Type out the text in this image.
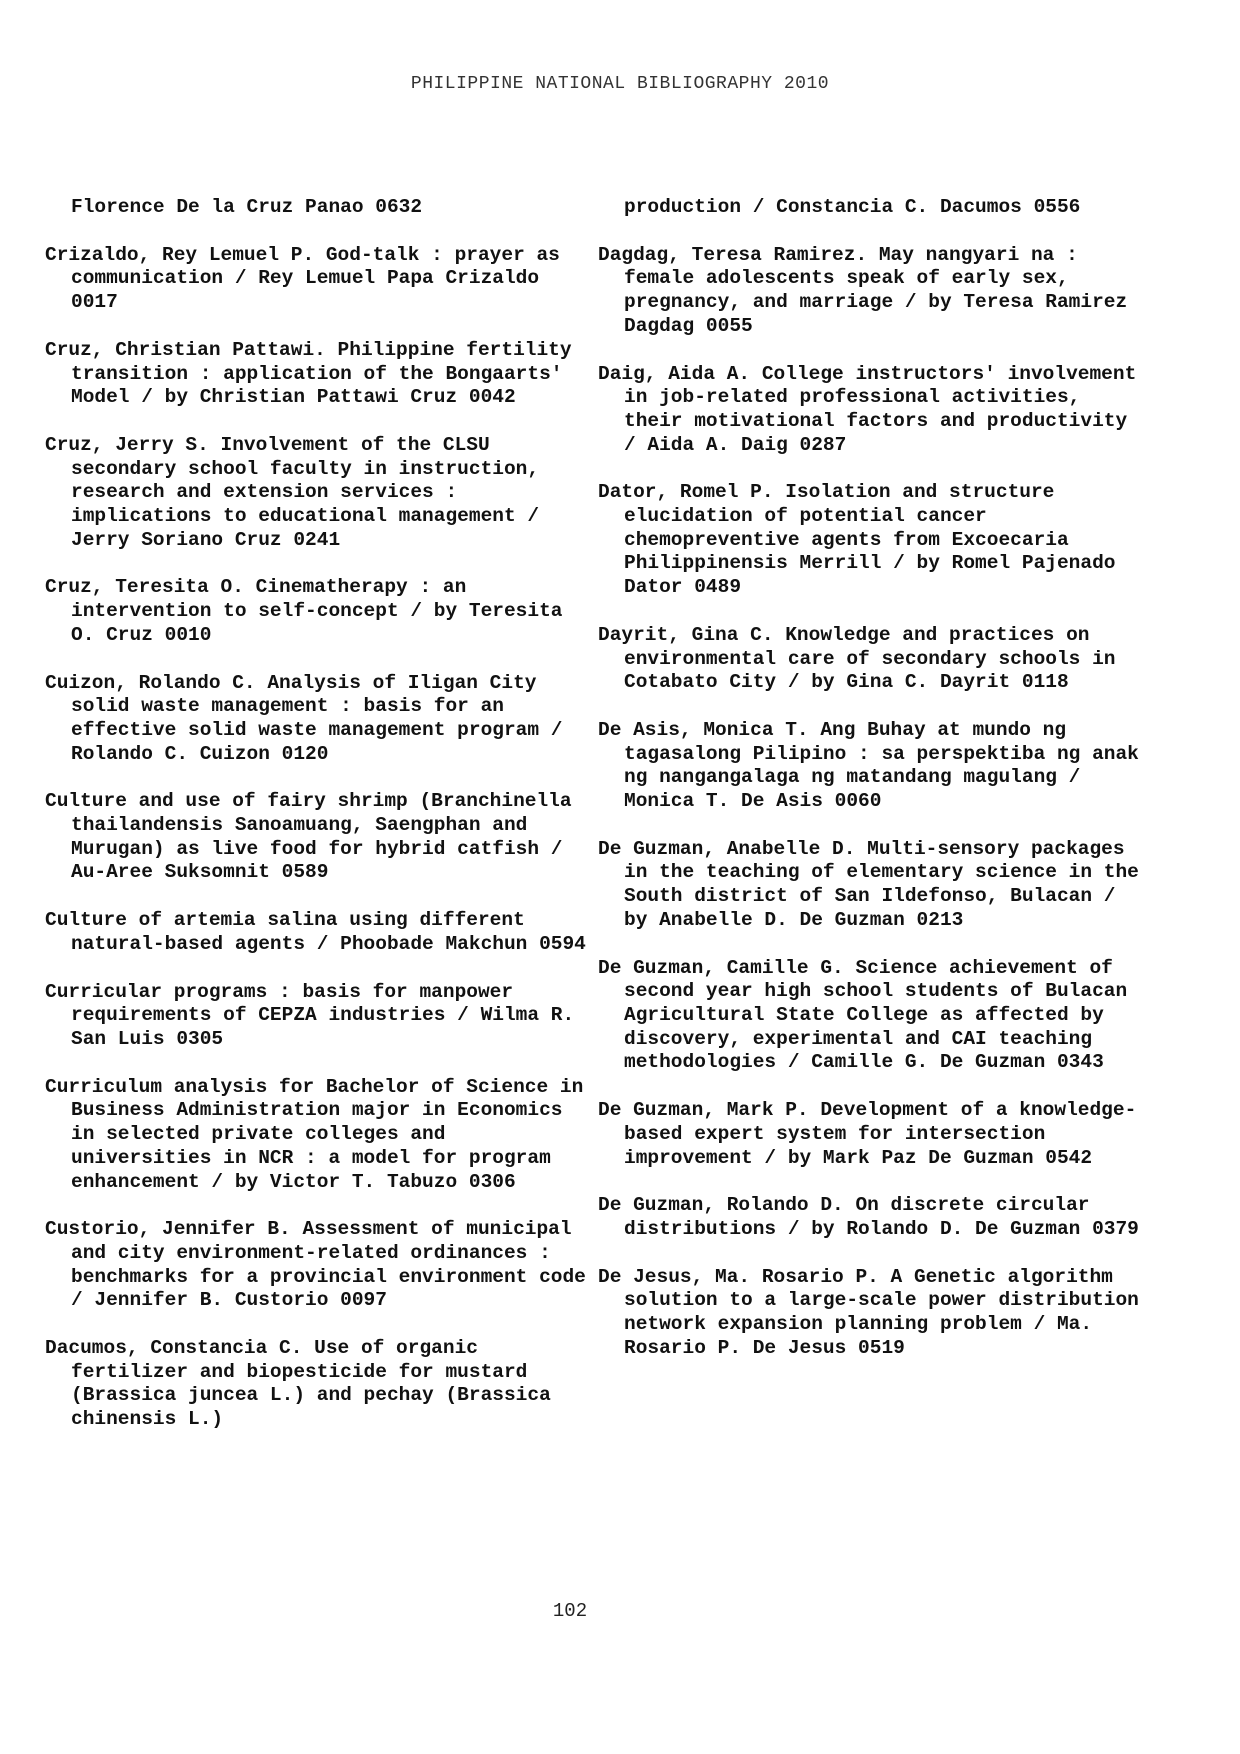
PHILIPPINE NATIONAL BIBLIOGRAPHY 2010

Florence De la Cruz Panao 0632

Crizaldo, Rey Lemuel P. God-talk : prayer as communication / Rey Lemuel Papa Crizaldo 0017

Cruz, Christian Pattawi. Philippine fertility transition : application of the Bongaarts' Model / by Christian Pattawi Cruz 0042

Cruz, Jerry S. Involvement of the CLSU secondary school faculty in instruction, research and extension services : implications to educational management / Jerry Soriano Cruz 0241

Cruz, Teresita O. Cinematherapy : an intervention to self-concept / by Teresita O. Cruz 0010

Cuizon, Rolando C. Analysis of Iligan City solid waste management : basis for an effective solid waste management program / Rolando C. Cuizon 0120

Culture and use of fairy shrimp (Branchinella thailandensis Sanoamuang, Saengphan and Murugan) as live food for hybrid catfish / Au-Aree Suksomnit 0589

Culture of artemia salina using different natural-based agents / Phoobade Makchun 0594

Curricular programs : basis for manpower requirements of CEPZA industries / Wilma R. San Luis 0305

Curriculum analysis for Bachelor of Science in Business Administration major in Economics in selected private colleges and universities in NCR : a model for program enhancement / by Victor T. Tabuzo 0306

Custorio, Jennifer B. Assessment of municipal and city environment-related ordinances : benchmarks for a provincial environment code / Jennifer B. Custorio 0097

Dacumos, Constancia C. Use of organic fertilizer and biopesticide for mustard (Brassica juncea L.) and pechay (Brassica chinensis L.)

production / Constancia C. Dacumos 0556

Dagdag, Teresa Ramirez. May nangyari na : female adolescents speak of early sex, pregnancy, and marriage / by Teresa Ramirez Dagdag 0055

Daig, Aida A. College instructors' involvement in job-related professional activities, their motivational factors and productivity / Aida A. Daig 0287

Dator, Romel P. Isolation and structure elucidation of potential cancer chemopreventive agents from Excoecaria Philippinensis Merrill / by Romel Pajenado Dator 0489

Dayrit, Gina C. Knowledge and practices on environmental care of secondary schools in Cotabato City / by Gina C. Dayrit 0118

De Asis, Monica T. Ang Buhay at mundo ng tagasalong Pilipino : sa perspektiba ng anak ng nangangalaga ng matandang magulang / Monica T. De Asis 0060

De Guzman, Anabelle D. Multi-sensory packages in the teaching of elementary science in the South district of San Ildefonso, Bulacan / by Anabelle D. De Guzman 0213

De Guzman, Camille G. Science achievement of second year high school students of Bulacan Agricultural State College as affected by discovery, experimental and CAI teaching methodologies / Camille G. De Guzman 0343

De Guzman, Mark P. Development of a knowledge-based expert system for intersection improvement / by Mark Paz De Guzman 0542

De Guzman, Rolando D. On discrete circular distributions / by Rolando D. De Guzman 0379

De Jesus, Ma. Rosario P. A Genetic algorithm solution to a large-scale power distribution network expansion planning problem / Ma. Rosario P. De Jesus 0519

102
